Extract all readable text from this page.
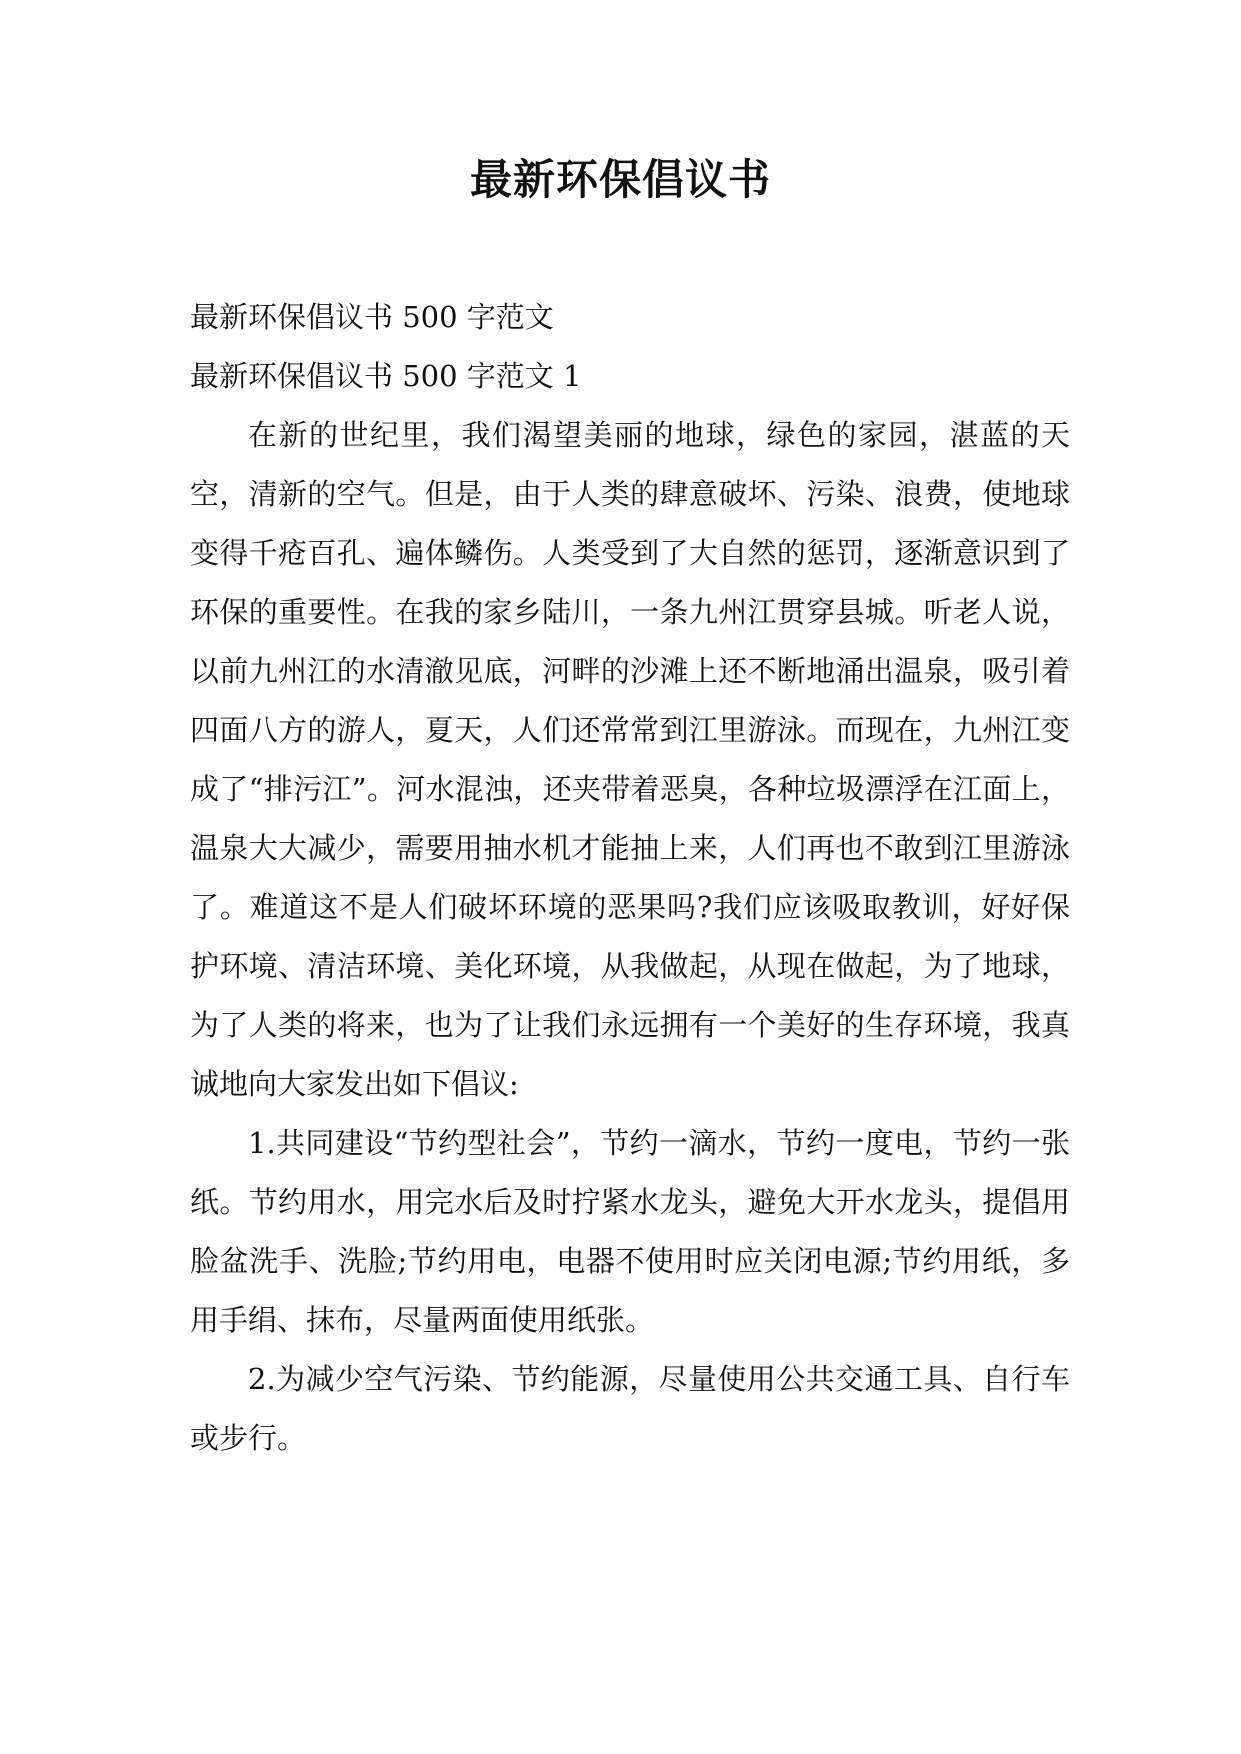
最新环保倡议书

最新环保倡议书 500 字范文

最新环保倡议书 500 字范文 1

在新的世纪里，我们渴望美丽的地球，绿色的家园，湛蓝的天空，清新的空气。但是，由于人类的肆意破坏、污染、浪费，使地球变得千疮百孔、遍体鳞伤。人类受到了大自然的惩罚，逐渐意识到了环保的重要性。在我的家乡陆川，一条九州江贯穿县城。听老人说，以前九州江的水清澈见底，河畔的沙滩上还不断地涌出温泉，吸引着四面八方的游人，夏天，人们还常常到江里游泳。而现在，九州江变成了“排污江”。河水混浊，还夹带着恶臭，各种垃圾漂浮在江面上，温泉大大减少，需要用抽水机才能抽上来，人们再也不敢到江里游泳了。难道这不是人们破坏环境的恶果吗?我们应该吸取教训，好好保护环境、清洁环境、美化环境，从我做起，从现在做起，为了地球，为了人类的将来，也为了让我们永远拥有一个美好的生存环境，我真诚地向大家发出如下倡议:

1.共同建设“节约型社会”，节约一滴水，节约一度电，节约一张纸。节约用水，用完水后及时拧紧水龙头，避免大开水龙头，提倡用脸盆洗手、洗脸;节约用电，电器不使用时应关闭电源;节约用纸，多用手绢、抹布，尽量两面使用纸张。

2.为减少空气污染、节约能源，尽量使用公共交通工具、自行车或步行。
